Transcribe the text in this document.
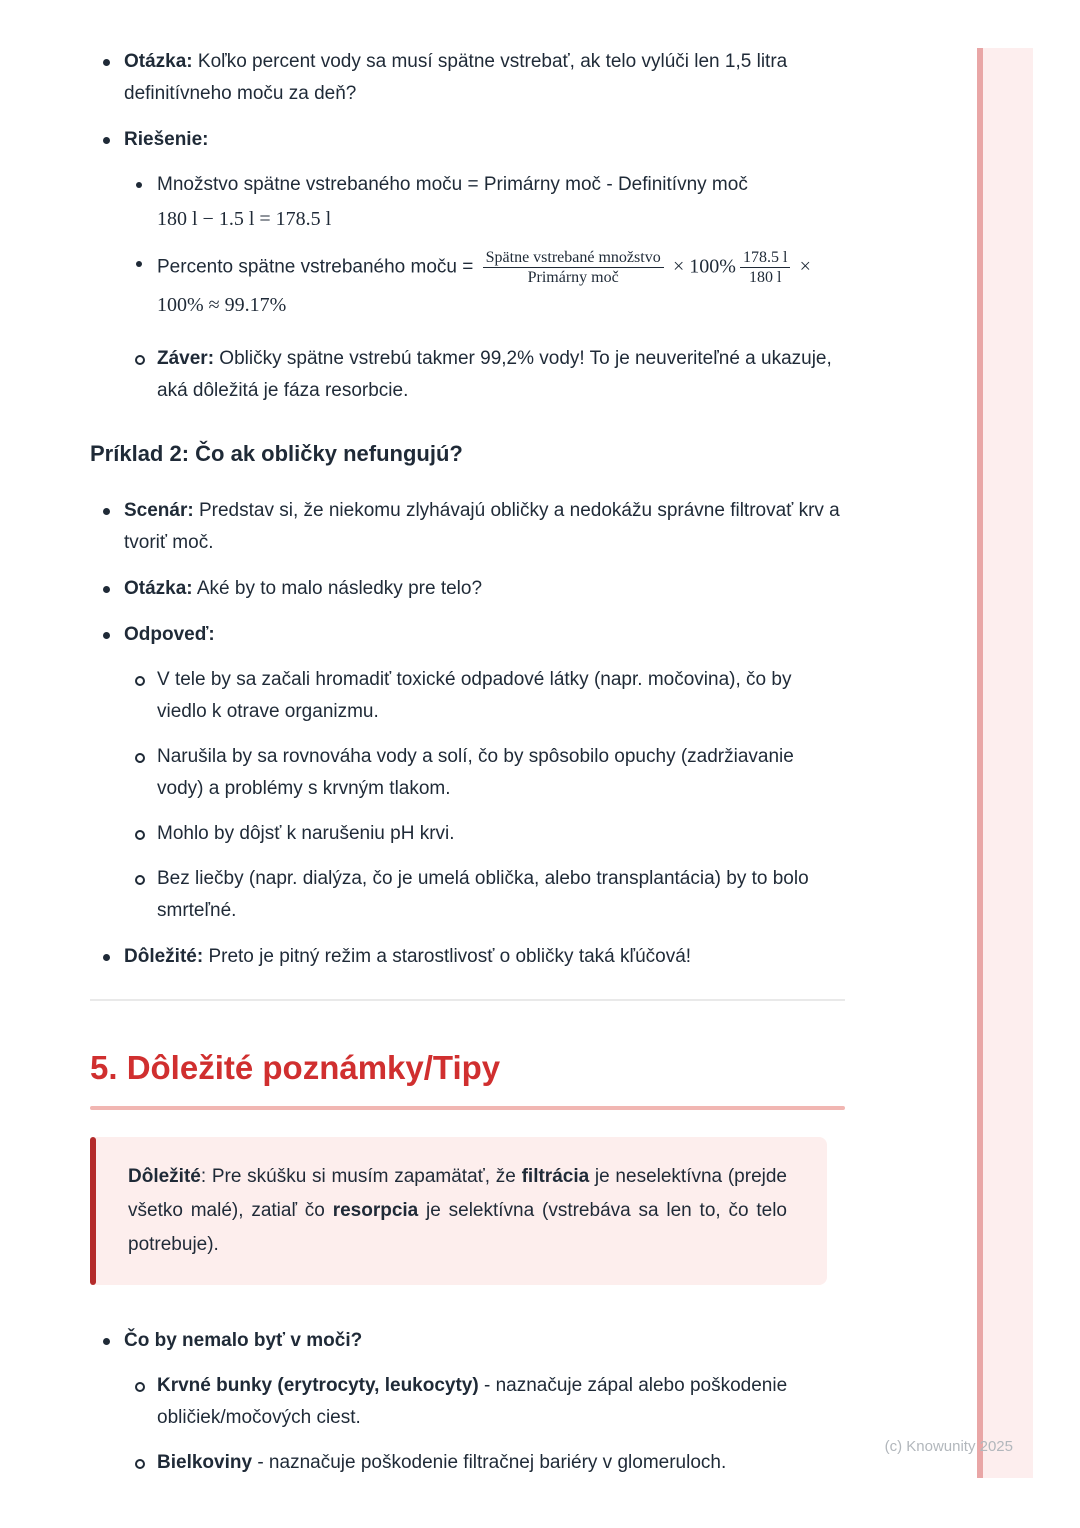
Otázka: Koľko percent vody sa musí spätne vstrebať, ak telo vylúči len 1,5 litra definitívneho moču za deň?
Riešenie:
Množstvo spätne vstrebaného moču = Primárny moč - Definitívny moč
180 l − 1.5 l = 178.5 l
Percento spätne vstrebaného moču = $\frac{\text{Spätne vstrebané množstvo}}{\text{Primárny moč}} \times 100\% \frac{178.5 l}{180 l}$ ×
100% ≈ 99.17%
Záver: Obličky spätne vstrebú takmer 99,2% vody! To je neuveriteľné a ukazuje, aká dôležitá je fáza resorbcie.
Príklad 2: Čo ak obličky nefungujú?
Scenár: Predstav si, že niekomu zlyhávajú obličky a nedokážu správne filtrovať krv a tvoriť moč.
Otázka: Aké by to malo následky pre telo?
Odpoveď:
V tele by sa začali hromadiť toxické odpadové látky (napr. močovina), čo by viedlo k otrave organizmu.
Narušila by sa rovnováha vody a solí, čo by spôsobilo opuchy (zadržiavanie vody) a problémy s krvným tlakom.
Mohlo by dôjsť k narušeniu pH krvi.
Bez liečby (napr. dialýza, čo je umelá oblička, alebo transplantácia) by to bolo smrteľné.
Dôležité: Preto je pitný režim a starostlivosť o obličky taká kľúčová!
5. Dôležité poznámky/Tipy
Dôležité: Pre skúšku si musím zapamätať, že filtrácia je neselektívna (prejde všetko malé), zatiaľ čo resorpcia je selektívna (vstrebáva sa len to, čo telo potrebuje).
Čo by nemalo byť v moči?
Krvné bunky (erytrocyty, leukocyty) - naznačuje zápal alebo poškodenie obličiek/močových ciest.
Bielkoviny - naznačuje poškodenie filtračnej bariéry v glomeruloch.
(c) Knowunity 2025
